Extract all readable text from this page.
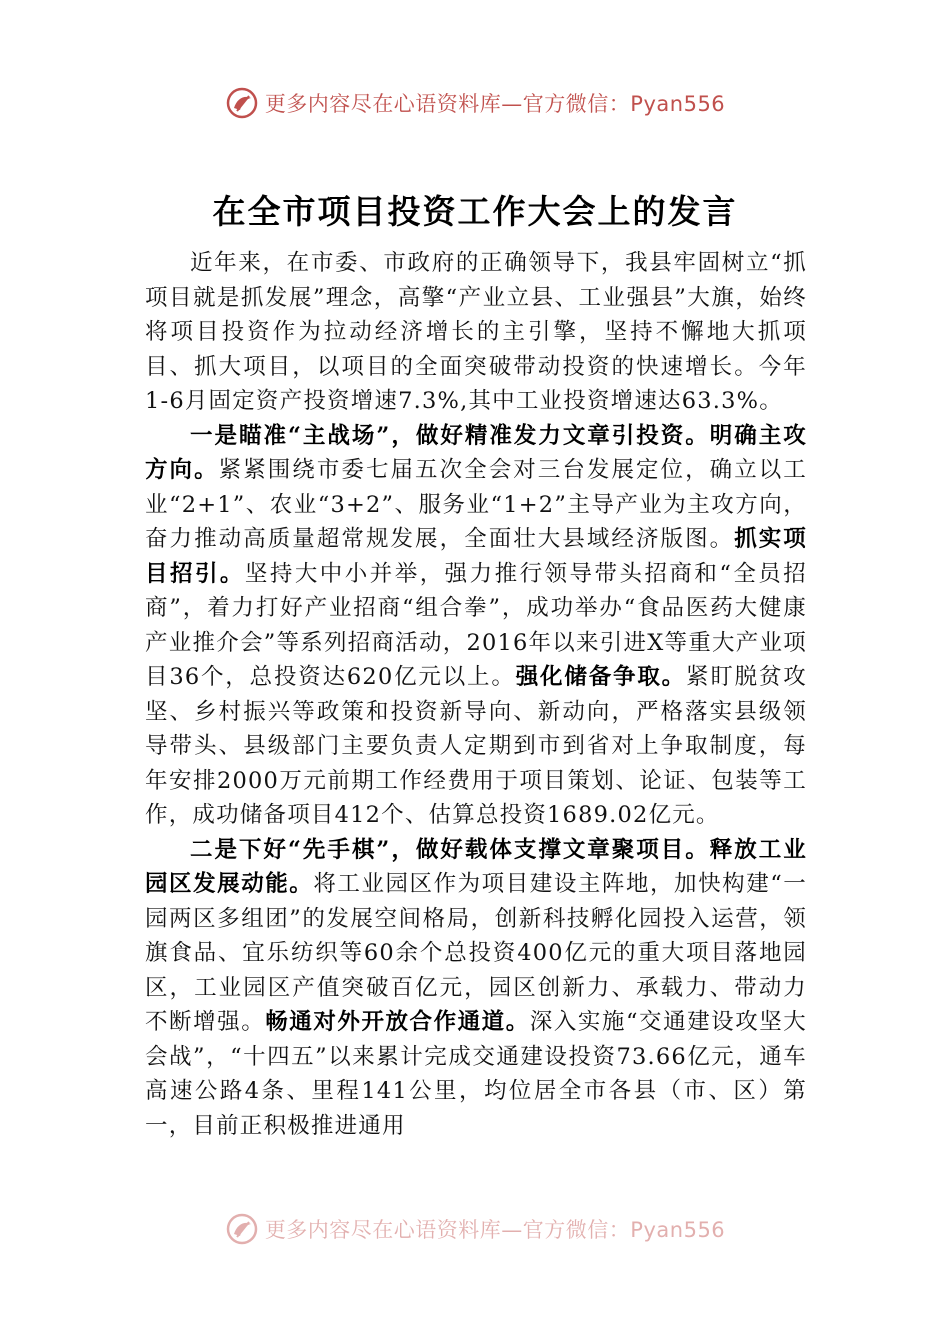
更多内容尽在心语资料库—官方微信：Pyan556
在全市项目投资工作大会上的发言

近年来，在市委、市政府的正确领导下，我县牢固树立“抓项目就是抓发展”理念，高擎“产业立县、工业强县”大旗，始终将项目投资作为拉动经济增长的主引擎，坚持不懈地大抓项目、抓大项目，以项目的全面突破带动投资的快速增长。今年1-6月固定资产投资增速7.3%,其中工业投资增速达63.3%。

一是瞄准“主战场”，做好精准发力文章引投资。明确主攻方向。紧紧围绕市委七届五次全会对三台发展定位，确立以工业“2+1”、农业“3+2”、服务业“1+2”主导产业为主攻方向，奋力推动高质量超常规发展，全面壮大县域经济版图。抓实项目招引。坚持大中小并举，强力推行领导带头招商和“全员招商”，着力打好产业招商“组合拳”，成功举办“食品医药大健康产业推介会”等系列招商活动，2016年以来引进X等重大产业项目36个，总投资达620亿元以上。强化储备争取。紧盯脱贫攻坚、乡村振兴等政策和投资新导向、新动向，严格落实县级领导带头、县级部门主要负责人定期到市到省对上争取制度，每年安排2000万元前期工作经费用于项目策划、论证、包装等工作，成功储备项目412个、估算总投资1689.02亿元。

二是下好“先手棋”，做好载体支撑文章聚项目。释放工业园区发展动能。将工业园区作为项目建设主阵地，加快构建“一园两区多组团”的发展空间格局，创新科技孵化园投入运营，领旗食品、宜乐纺织等60余个总投资400亿元的重大项目落地园区，工业园区产值突破百亿元，园区创新力、承载力、带动力不断增强。畅通对外开放合作通道。深入实施“交通建设攻坚大会战”，“十四五”以来累计完成交通建设投资73.66亿元，通车高速公路4条、里程141公里，均位居全市各县（市、区）第一，目前正积极推进通用

更多内容尽在心语资料库—官方微信：Pyan556
